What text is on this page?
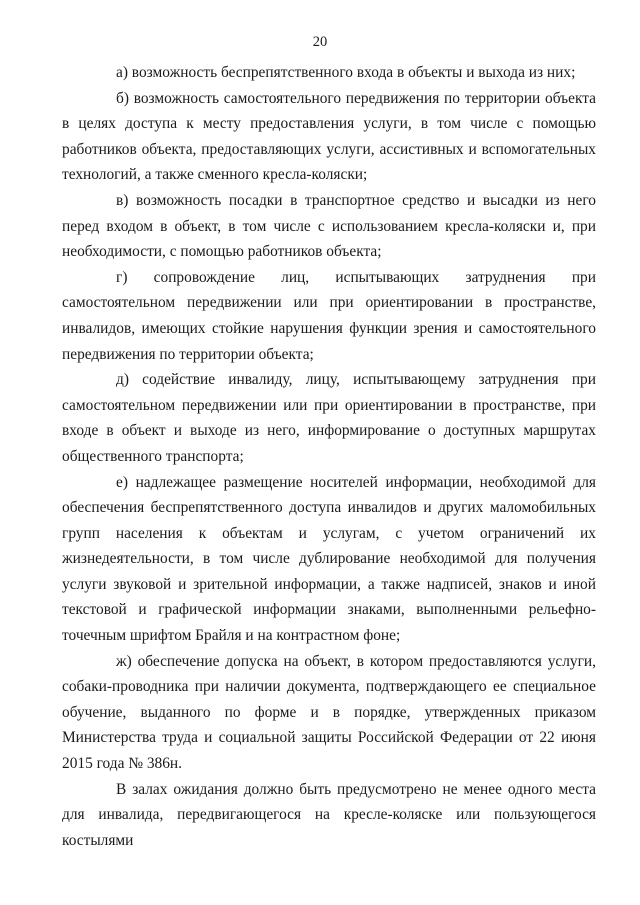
20

а) возможность беспрепятственного входа в объекты и выхода из них;

б) возможность самостоятельного передвижения по территории объекта в целях доступа к месту предоставления услуги, в том числе с помощью работников объекта, предоставляющих услуги, ассистивных и вспомогательных технологий, а также сменного кресла-коляски;

в) возможность посадки в транспортное средство и высадки из него перед входом в объект, в том числе с использованием кресла-коляски и, при необходимости, с помощью работников объекта;

г) сопровождение лиц, испытывающих затруднения при самостоятельном передвижении или при ориентировании в пространстве, инвалидов, имеющих стойкие нарушения функции зрения и самостоятельного передвижения по территории объекта;

д) содействие инвалиду, лицу, испытывающему затруднения при самостоятельном передвижении или при ориентировании в пространстве, при входе в объект и выходе из него, информирование о доступных маршрутах общественного транспорта;

е) надлежащее размещение носителей информации, необходимой для обеспечения беспрепятственного доступа инвалидов и других маломобильных групп населения к объектам и услугам, с учетом ограничений их жизнедеятельности, в том числе дублирование необходимой для получения услуги звуковой и зрительной информации, а также надписей, знаков и иной текстовой и графической информации знаками, выполненными рельефно-точечным шрифтом Брайля и на контрастном фоне;

ж) обеспечение допуска на объект, в котором предоставляются услуги, собаки-проводника при наличии документа, подтверждающего ее специальное обучение, выданного по форме и в порядке, утвержденных приказом Министерства труда и социальной защиты Российской Федерации от 22 июня 2015 года № 386н.

В залах ожидания должно быть предусмотрено не менее одного места для инвалида, передвигающегося на кресле-коляске или пользующегося костылями
